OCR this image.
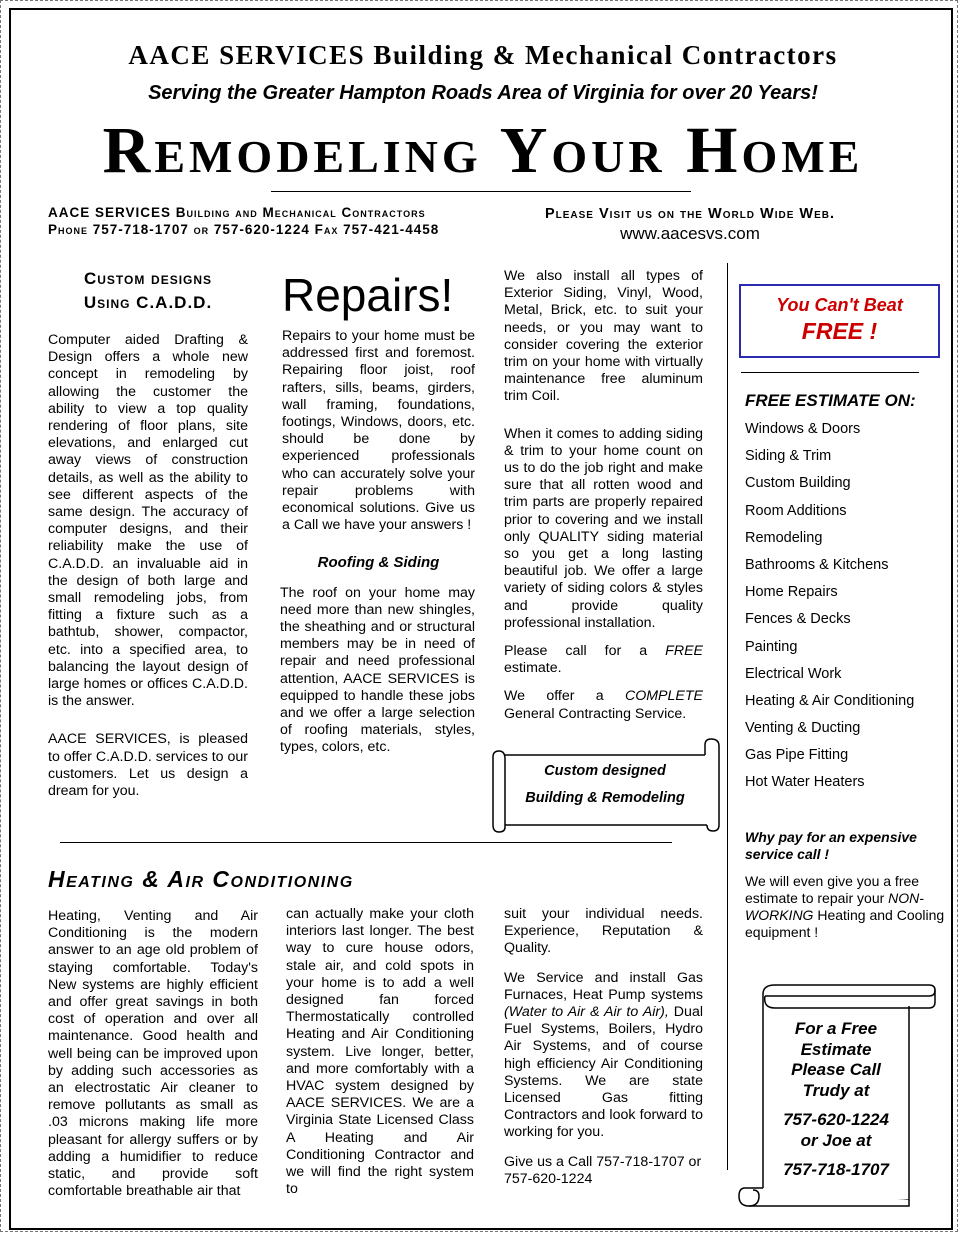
AACE SERVICES Building & Mechanical Contractors
Serving the Greater Hampton Roads Area of Virginia for over 20 Years!
Remodeling Your Home
AACE SERVICES Building and Mechanical Contractors
Phone 757-718-1707 or 757-620-1224 Fax 757-421-4458
Please Visit us on the World Wide Web.
www.aacesvs.com
Custom designs
Using C.A.D.D.

Computer aided Drafting & Design offers a whole new concept in remodeling by allowing the customer the ability to view a top quality rendering of floor plans, site elevations, and enlarged cut away views of construction details, as well as the ability to see different aspects of the same design. The accuracy of computer designs, and their reliability make the use of C.A.D.D. an invaluable aid in the design of both large and small remodeling jobs, from fitting a fixture such as a bathtub, shower, compactor, etc. into a specified area, to balancing the layout design of large homes or offices C.A.D.D. is the answer.

AACE SERVICES, is pleased to offer C.A.D.D. services to our customers. Let us design a dream for you.

Repairs!

Repairs to your home must be addressed first and foremost. Repairing floor joist, roof rafters, sills, beams, girders, wall framing, foundations, footings, Windows, doors, etc. should be done by experienced professionals who can accurately solve your repair problems with economical solutions. Give us a Call we have your answers !

Roofing & Siding

The roof on your home may need more than new shingles, the sheathing and or structural members may be in need of repair and need professional attention, AACE SERVICES is equipped to handle these jobs and we offer a large selection of roofing materials, styles, types, colors, etc.

We also install all types of Exterior Siding, Vinyl, Wood, Metal, Brick, etc. to suit your needs, or you may want to consider covering the exterior trim on your home with virtually maintenance free aluminum trim Coil.

When it comes to adding siding & trim to your home count on us to do the job right and make sure that all rotten wood and trim parts are properly repaired prior to covering and we install only QUALITY siding material so you get a long lasting beautiful job. We offer a large variety of siding colors & styles and provide quality professional installation.

Please call for a FREE estimate.

We offer a COMPLETE General Contracting Service.

Custom designed
Building & Remodeling
Heating & Air Conditioning
Heating, Venting and Air Conditioning is the modern answer to an age old problem of staying comfortable. Today's New systems are highly efficient and offer great savings in both cost of operation and over all maintenance. Good health and well being can be improved upon by adding such accessories as an electrostatic Air cleaner to remove pollutants as small as .03 microns making life more pleasant for allergy suffers or by adding a humidifier to reduce static, and provide soft comfortable breathable air that
can actually make your cloth interiors last longer. The best way to cure house odors, stale air, and cold spots in your home is to add a well designed fan forced Thermostatically controlled Heating and Air Conditioning system. Live longer, better, and more comfortably with a HVAC system designed by AACE SERVICES. We are a Virginia State Licensed Class A Heating and Air Conditioning Contractor and we will find the right system to

suit your individual needs. Experience, Reputation & Quality.

We Service and install Gas Furnaces, Heat Pump systems (Water to Air & Air to Air), Dual Fuel Systems, Boilers, Hydro Air Systems, and of course high efficiency Air Conditioning Systems. We are state Licensed Gas fitting Contractors and look forward to working for you.

Give us a Call 757-718-1707 or 757-620-1224

You Can't Beat
FREE !
FREE ESTIMATE ON:
Windows & Doors
Siding & Trim
Custom Building
Room Additions
Remodeling
Bathrooms & Kitchens
Home Repairs
Fences & Decks
Painting
Electrical Work
Heating & Air Conditioning
Venting & Ducting
Gas Pipe Fitting
Hot Water Heaters
Why pay for an expensive service call !
We will even give you a free estimate to repair your NON-WORKING Heating and Cooling equipment !
For a Free
Estimate
Please Call
Trudy at
757-620-1224
or Joe at
757-718-1707
